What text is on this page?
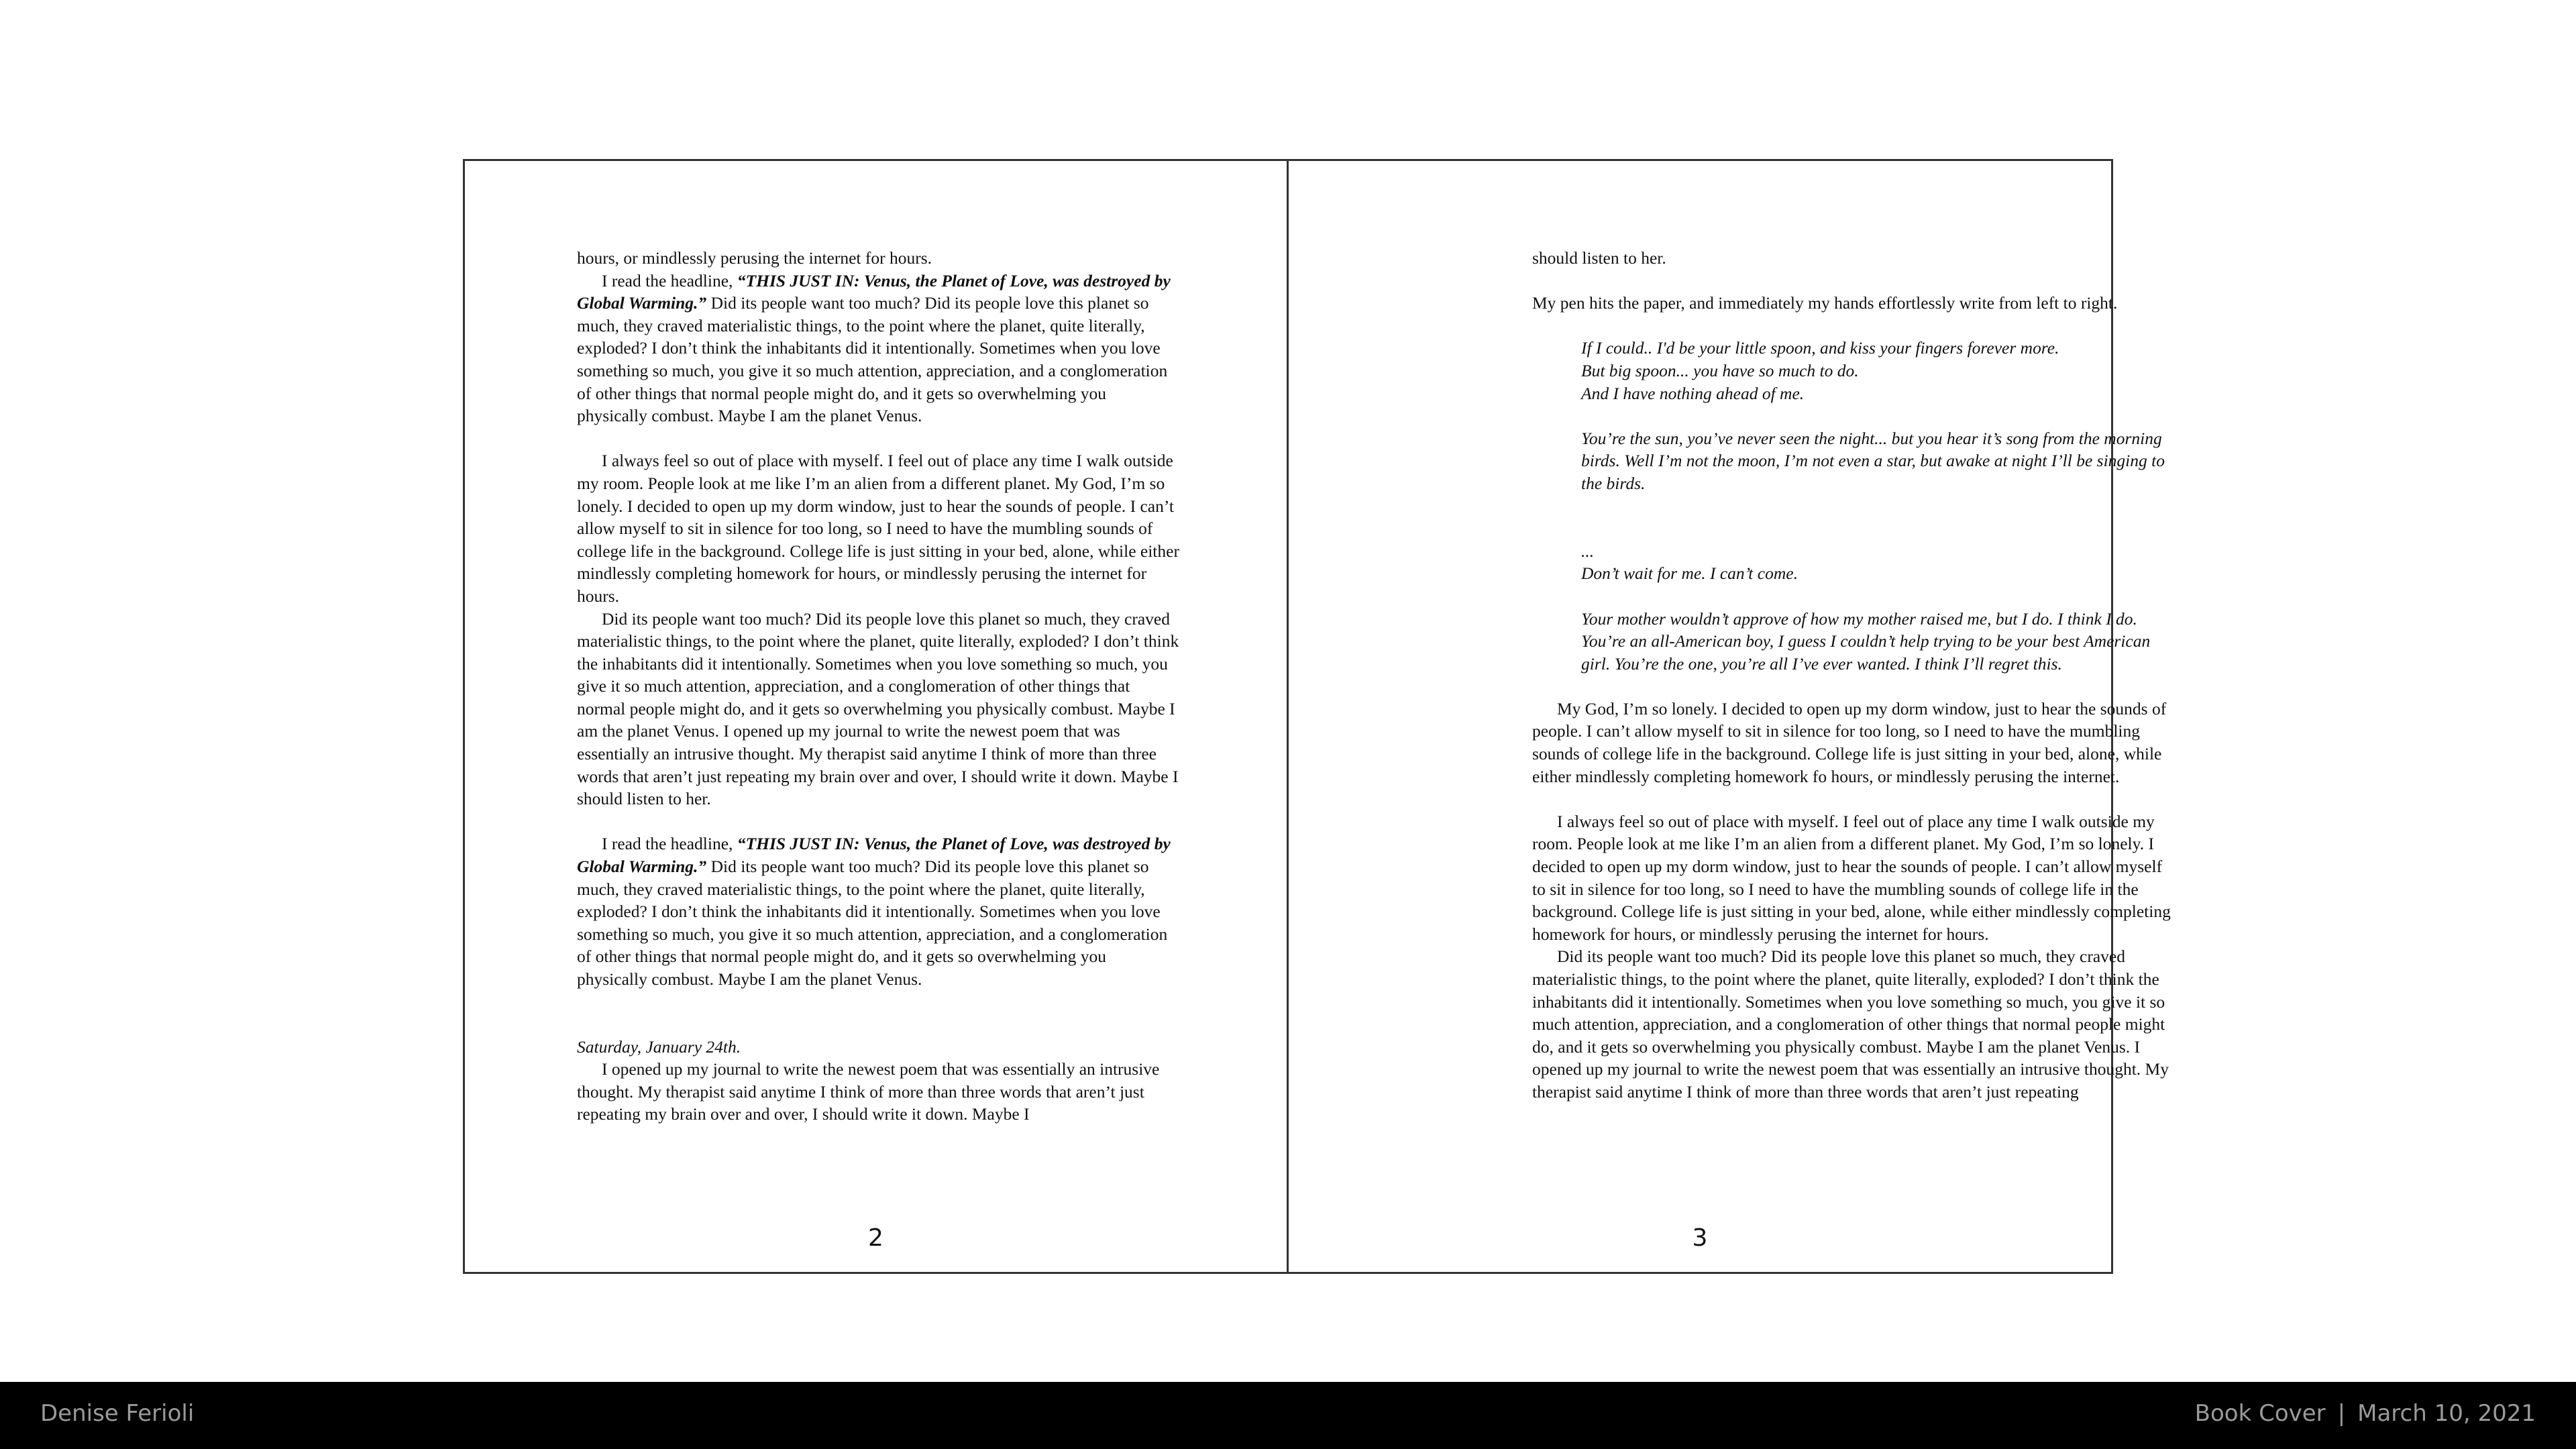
hours, or mindlessly perusing the internet for hours.

I read the headline, “THIS JUST IN: Venus, the Planet of Love, was destroyed by Global Warming.” Did its people want too much? Did its people love this planet so much, they craved materialistic things, to the point where the planet, quite literally, exploded? I don’t think the inhabitants did it intentionally. Sometimes when you love something so much, you give it so much attention, appreciation, and a conglomeration of other things that normal people might do, and it gets so overwhelming you physically combust. Maybe I am the planet Venus.

I always feel so out of place with myself. I feel out of place any time I walk outside my room. People look at me like I’m an alien from a different planet. My God, I’m so lonely. I decided to open up my dorm window, just to hear the sounds of people. I can’t allow myself to sit in silence for too long, so I need to have the mumbling sounds of college life in the background. College life is just sitting in your bed, alone, while either mindlessly completing homework for hours, or mindlessly perusing the internet for hours.

Did its people want too much? Did its people love this planet so much, they craved materialistic things, to the point where the planet, quite literally, exploded? I don’t think the inhabitants did it intentionally. Sometimes when you love something so much, you give it so much attention, appreciation, and a conglomeration of other things that normal people might do, and it gets so overwhelming you physically combust. Maybe I am the planet Venus. I opened up my journal to write the newest poem that was essentially an intrusive thought. My therapist said anytime I think of more than three words that aren’t just repeating my brain over and over, I should write it down. Maybe I should listen to her.

I read the headline, “THIS JUST IN: Venus, the Planet of Love, was destroyed by Global Warming.” Did its people want too much? Did its people love this planet so much, they craved materialistic things, to the point where the planet, quite literally, exploded? I don’t think the inhabitants did it intentionally. Sometimes when you love something so much, you give it so much attention, appreciation, and a conglomeration of other things that normal people might do, and it gets so overwhelming you physically combust. Maybe I am the planet Venus.

Saturday, January 24th.

I opened up my journal to write the newest poem that was essentially an intrusive thought. My therapist said anytime I think of more than three words that aren’t just repeating my brain over and over, I should write it down. Maybe I

2

should listen to her.

My pen hits the paper, and immediately my hands effortlessly write from left to right.

If I could.. I'd be your little spoon, and kiss your fingers forever more.

But big spoon... you have so much to do.

And I have nothing ahead of me.

You’re the sun, you’ve never seen the night... but you hear it’s song from the morning birds. Well I’m not the moon, I’m not even a star, but awake at night I’ll be singing to the birds.

...

Don’t wait for me. I can’t come.

Your mother wouldn’t approve of how my mother raised me, but I do. I think I do. You’re an all-American boy, I guess I couldn’t help trying to be your best American girl. You’re the one, you’re all I’ve ever wanted. I think I’ll regret this.

My God, I’m so lonely. I decided to open up my dorm window, just to hear the sounds of people. I can’t allow myself to sit in silence for too long, so I need to have the mumbling sounds of college life in the background. College life is just sitting in your bed, alone, while either mindlessly completing homework fo hours, or mindlessly perusing the internet.

I always feel so out of place with myself. I feel out of place any time I walk outside my room. People look at me like I’m an alien from a different planet. My God, I’m so lonely. I decided to open up my dorm window, just to hear the sounds of people. I can’t allow myself to sit in silence for too long, so I need to have the mumbling sounds of college life in the background. College life is just sitting in your bed, alone, while either mindlessly completing homework for hours, or mindlessly perusing the internet for hours.

Did its people want too much? Did its people love this planet so much, they craved materialistic things, to the point where the planet, quite literally, exploded? I don’t think the inhabitants did it intentionally. Sometimes when you love something so much, you give it so much attention, appreciation, and a conglomeration of other things that normal people might do, and it gets so overwhelming you physically combust. Maybe I am the planet Venus. I opened up my journal to write the newest poem that was essentially an intrusive thought. My therapist said anytime I think of more than three words that aren’t just repeating

3
Denise Ferioli	Book Cover | March 10, 2021
